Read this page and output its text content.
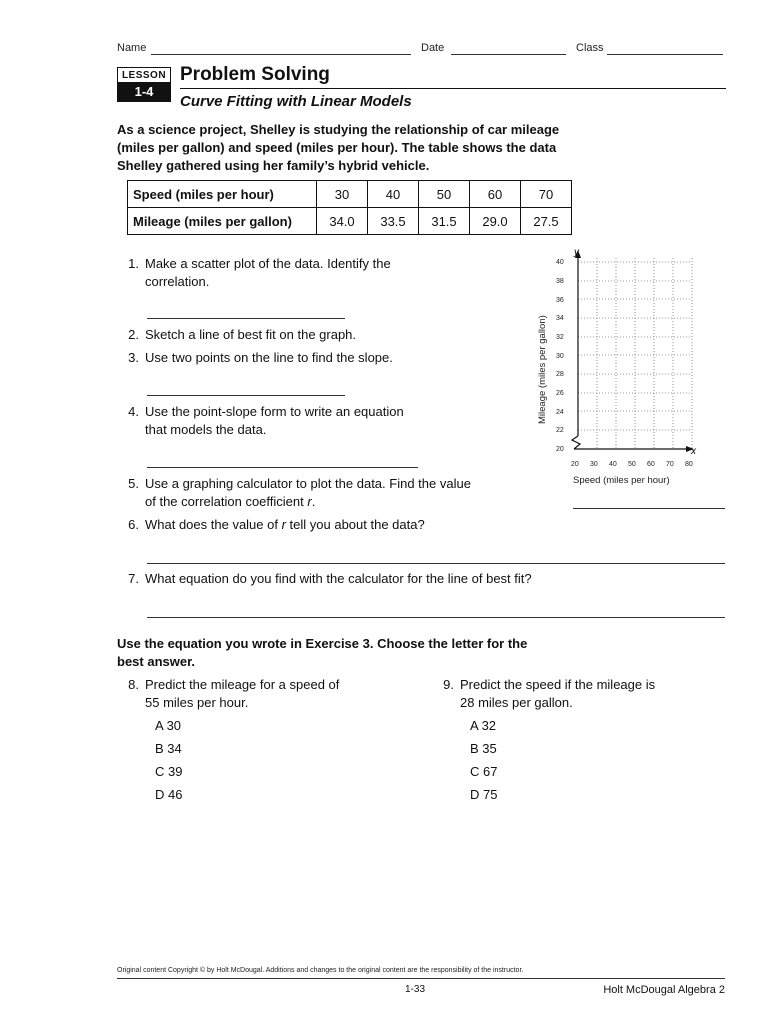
Name	Date	Class
LESSON
1-4
Problem Solving
Curve Fitting with Linear Models
As a science project, Shelley is studying the relationship of car mileage (miles per gallon) and speed (miles per hour). The table shows the data Shelley gathered using her family’s hybrid vehicle.
Speed (miles per hour)	30	40	50	60	70
Mileage (miles per gallon)	34.0	33.5	31.5	29.0	27.5
1. Make a scatter plot of the data. Identify the
correlation.
2. Sketch a line of best fit on the graph.
3. Use two points on the line to find the slope.
4. Use the point-slope form to write an equation
that models the data.
y
x
40
38
36
34
32
30
28
26
24
22
20
20 30 40 50 60 70 80
Speed (miles per hour)
Mileage (miles per gallon)
5. Use a graphing calculator to plot the data. Find the value
of the correlation coefficient r.
6. What does the value of r tell you about the data?
7. What equation do you find with the calculator for the line of best fit?
Use the equation you wrote in Exercise 3. Choose the letter for the
best answer.
8. Predict the mileage for a speed of
55 miles per hour.
A 30
B 34
C 39
D 46
9. Predict the speed if the mileage is
28 miles per gallon.
A 32
B 35
C 67
D 75
Original content Copyright © by Holt McDougal. Additions and changes to the original content are the responsibility of the instructor.
1-33	Holt McDougal Algebra 2
